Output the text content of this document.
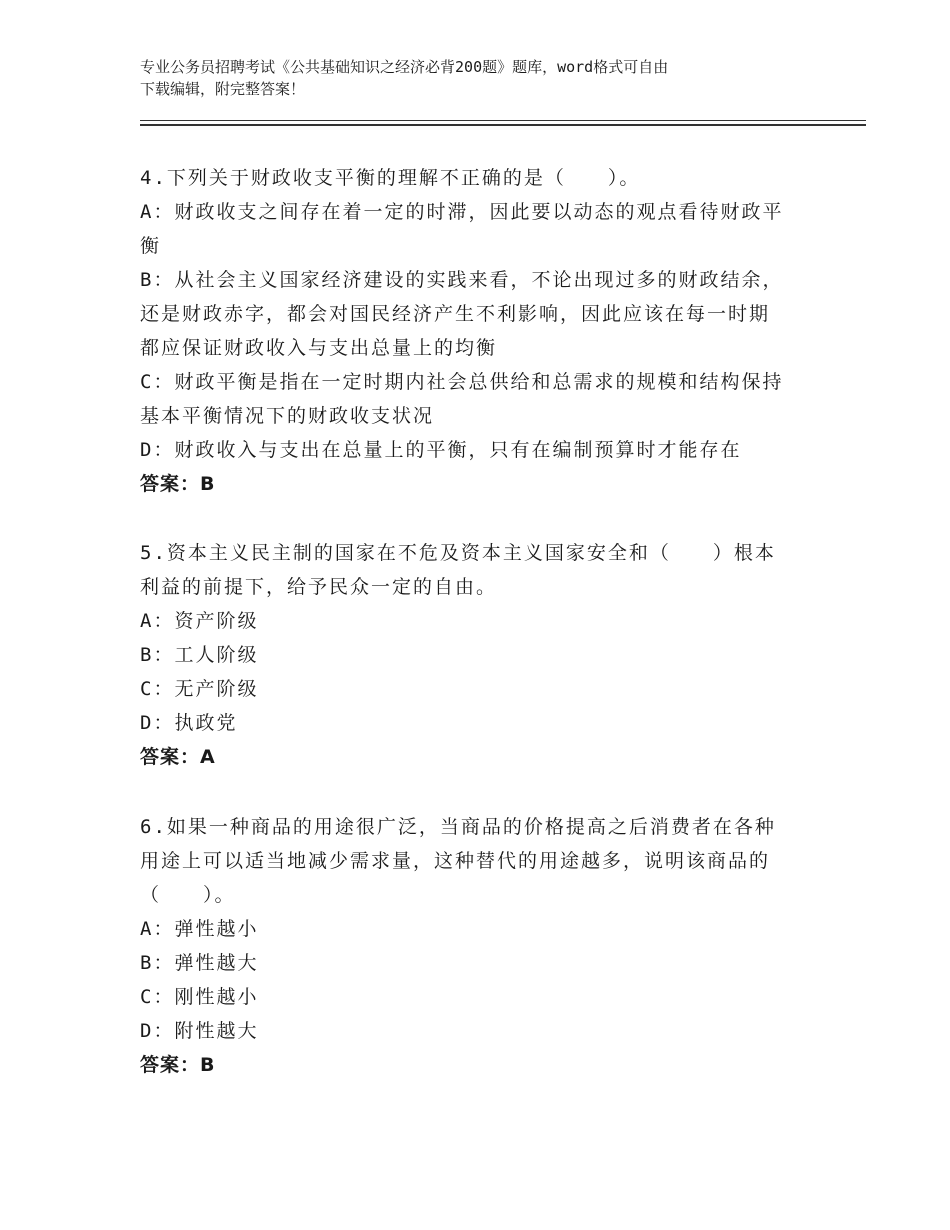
专业公务员招聘考试《公共基础知识之经济必背200题》题库，word格式可自由
下载编辑，附完整答案！
4.下列关于财政收支平衡的理解不正确的是（　　）。
A：财政收支之间存在着一定的时滞，因此要以动态的观点看待财政平
衡
B：从社会主义国家经济建设的实践来看，不论出现过多的财政结余，
还是财政赤字，都会对国民经济产生不利影响，因此应该在每一时期
都应保证财政收入与支出总量上的均衡
C：财政平衡是指在一定时期内社会总供给和总需求的规模和结构保持
基本平衡情况下的财政收支状况
D：财政收入与支出在总量上的平衡，只有在编制预算时才能存在
答案：B
5.资本主义民主制的国家在不危及资本主义国家安全和（　　）根本
利益的前提下，给予民众一定的自由。
A：资产阶级
B：工人阶级
C：无产阶级
D：执政党
答案：A
6.如果一种商品的用途很广泛，当商品的价格提高之后消费者在各种
用途上可以适当地减少需求量，这种替代的用途越多，说明该商品的
（　　）。
A：弹性越小
B：弹性越大
C：刚性越小
D：附性越大
答案：B
